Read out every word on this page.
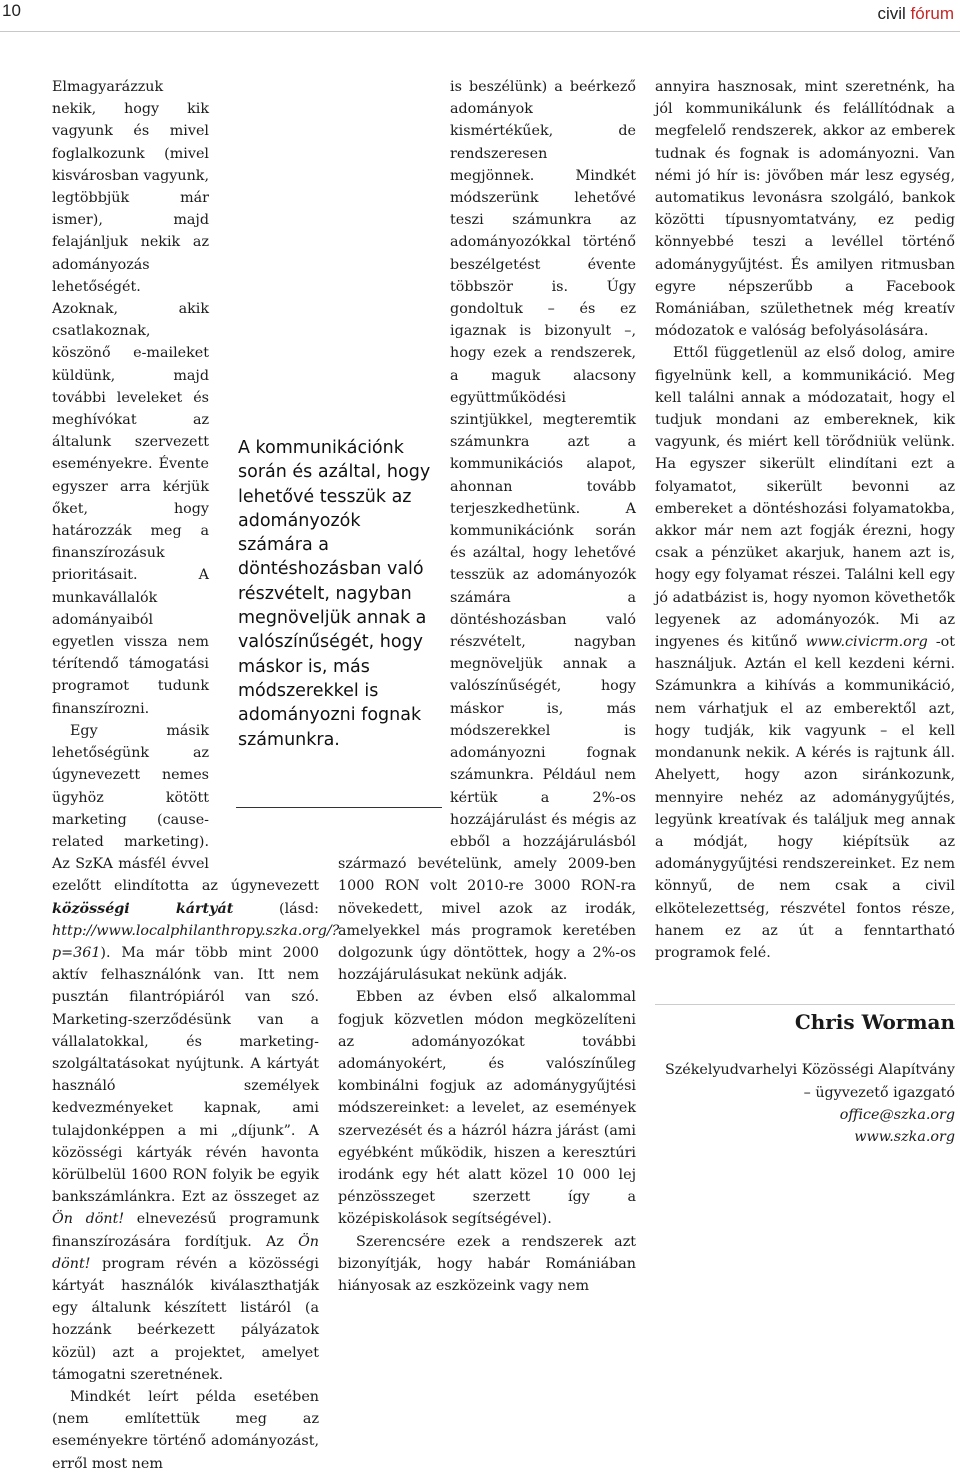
10	civil fórum

Elmagyarázzuk nekik, hogy kik vagyunk és mivel foglalkozunk (mivel kisvárosban vagyunk, legtöbbjük már ismer), majd felajánljuk nekik az adományozás lehetőségét. Azoknak, akik csatlakoznak, köszönő e-maileket küldünk, majd további leveleket és meghívókat az általunk szervezett eseményekre. Évente egyszer arra kérjük őket, hogy határozzák meg a finanszírozásuk prioritásait. A munkavállalók adományaiból egyetlen vissza nem térítendő támogatási programot tudunk finanszírozni.

Egy másik lehetőségünk az úgynevezett nemes ügyhöz kötött marketing (cause-related marketing). Az SzKA másfél évvel ezelőtt elindította az úgynevezett közösségi kártyát (lásd: http://www.localphilanthropy.szka.org/?p=361). Ma már több mint 2000 aktív felhasználónk van. Itt nem pusztán filantrópiáról van szó. Marketing-szerződésünk van a vállalatokkal, és marketing-szolgáltatásokat nyújtunk. A kártyát használó személyek kedvezményeket kapnak, ami tulajdonképpen a mi „díjunk”. A közösségi kártyák révén havonta körülbelül 1600 RON folyik be egyik bankszámlánkra. Ezt az összeget az Ön dönt! elnevezésű programunk finanszírozására fordítjuk. Az Ön dönt! program révén a közösségi kártyát használók kiválaszthatják egy általunk készített listáról (a hozzánk beérkezett pályázatok közül) azt a projektet, amelyet támogatni szeretnének.

Mindkét leírt példa esetében (nem említettük meg az eseményekre történő adományozást, erről most nem

is beszélünk) a beérkező adományok kismértékűek, de rendszeresen megjönnek. Mindkét módszerünk lehetővé teszi számunkra az adományozókkal történő beszélgetést évente többször is. Úgy gondoltuk – és ez igaznak is bizonyult –, hogy ezek a rendszerek, a maguk alacsony együttműködési szintjükkel, megteremtik számunkra azt a kommunikációs alapot, ahonnan tovább terjeszkedhetünk. A kommunikációnk során és azáltal, hogy lehetővé tesszük az adományozók számára a döntéshozásban való részvételt, nagyban megnöveljük annak a valószínűségét, hogy máskor is, más módszerekkel is adományozni fognak számunkra. Például nem kértük a 2%-os hozzájárulást és mégis az ebből a hozzájárulásból származó bevételünk, amely 2009-ben 1000 RON volt 2010-re 3000 RON-ra növekedett, mivel azok az irodák, amelyekkel más programok keretében dolgozunk úgy döntöttek, hogy a 2%-os hozzájárulásukat nekünk adják.

Ebben az évben első alkalommal fogjuk közvetlen módon megközelíteni az adományozókat további adományokért, és valószínűleg kombinálni fogjuk az adománygyűjtési módszereinket: a levelet, az események szervezését és a házról házra járást (ami egyébként működik, hiszen a keresztúri irodánk egy hét alatt közel 10 000 lej pénzösszeget szerzett így a középiskolások segítségével).

Szerencsére ezek a rendszerek azt bizonyítják, hogy habár Romániában hiányosak az eszközeink vagy nem

annyira hasznosak, mint szeretnénk, ha jól kommunikálunk és felállítódnak a megfelelő rendszerek, akkor az emberek tudnak és fognak is adományozni. Van némi jó hír is: jövőben már lesz egység, automatikus levonásra szolgáló, bankok közötti típusnyomtatvány, ez pedig könnyebbé teszi a levéllel történő adománygyűjtést. És amilyen ritmusban egyre népszerűbb a Facebook Romániában, születhetnek még kreatív módozatok e valóság befolyásolására.

Ettől függetlenül az első dolog, amire figyelnünk kell, a kommunikáció. Meg kell találni annak a módozatait, hogy el tudjuk mondani az embereknek, kik vagyunk, és miért kell törődniük velünk. Ha egyszer sikerült elindítani ezt a folyamatot, sikerült bevonni az embereket a döntéshozási folyamatokba, akkor már nem azt fogják érezni, hogy csak a pénzüket akarjuk, hanem azt is, hogy egy folyamat részei. Találni kell egy jó adatbázist is, hogy nyomon követhetők legyenek az adományozók. Mi az ingyenes és kitűnő www.civicrm.org -ot használjuk. Aztán el kell kezdeni kérni. Számunkra a kihívás a kommunikáció, nem várhatjuk el az emberektől azt, hogy tudják, kik vagyunk – el kell mondanunk nekik. A kérés is rajtunk áll. Ahelyett, hogy azon siránkozunk, mennyire nehéz az adománygyűjtés, legyünk kreatívak és találjuk meg annak a módját, hogy kiépítsük az adománygyűjtési rendszereinket. Ez nem könnyű, de nem csak a civil elkötelezettség, részvétel fontos része, hanem ez az út a fenntartható programok felé.

Chris Worman
Székelyudvarhelyi Közösségi Alapítvány – ügyvezető igazgató
office@szka.org
www.szka.org
A kommunikációnk során és azáltal, hogy lehetővé tesszük az adományozók számára a döntéshozásban való részvételt, nagyban megnöveljük annak a valószínűségét, hogy máskor is, más módszerekkel is adományozni fognak számunkra.
